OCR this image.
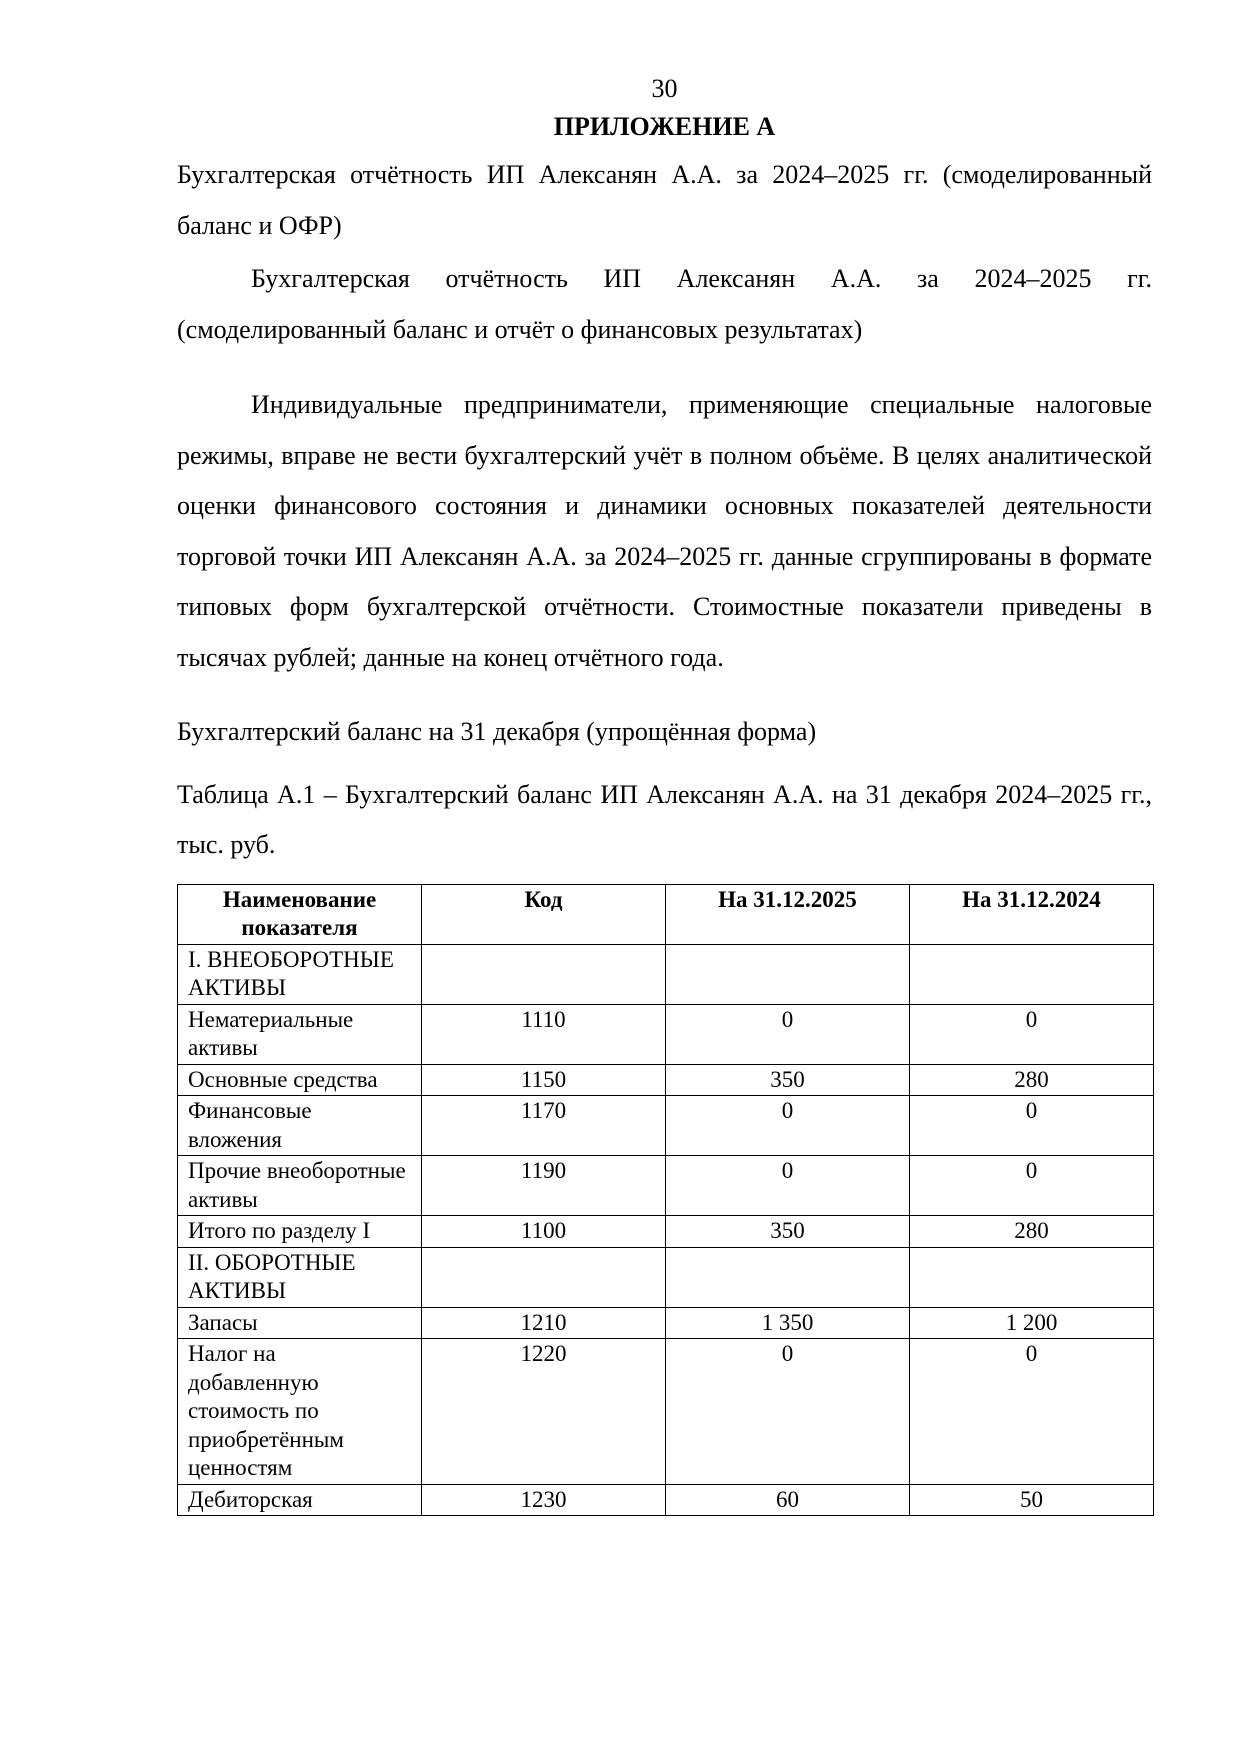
30
ПРИЛОЖЕНИЕ А

Бухгалтерская отчётность ИП Алексанян А.А. за 2024–2025 гг. (смоделированный баланс и ОФР)

Бухгалтерская отчётность ИП Алексанян А.А. за 2024–2025 гг. (смоделированный баланс и отчёт о финансовых результатах)

Индивидуальные предприниматели, применяющие специальные налоговые режимы, вправе не вести бухгалтерский учёт в полном объёме. В целях аналитической оценки финансового состояния и динамики основных показателей деятельности торговой точки ИП Алексанян А.А. за 2024–2025 гг. данные сгруппированы в формате типовых форм бухгалтерской отчётности. Стоимостные показатели приведены в тысячах рублей; данные на конец отчётного года.

Бухгалтерский баланс на 31 декабря (упрощённая форма)

Таблица А.1 – Бухгалтерский баланс ИП Алексанян А.А. на 31 декабря 2024–2025 гг., тыс. руб.

Наименование показателя	Код	На 31.12.2025	На 31.12.2024
I. ВНЕОБОРОТНЫЕ АКТИВЫ			
Нематериальные активы	1110	0	0
Основные средства	1150	350	280
Финансовые вложения	1170	0	0
Прочие внеоборотные активы	1190	0	0
Итого по разделу I	1100	350	280
II. ОБОРОТНЫЕ АКТИВЫ			
Запасы	1210	1 350	1 200
Налог на добавленную стоимость по приобретённым ценностям	1220	0	0
Дебиторская	1230	60	50
